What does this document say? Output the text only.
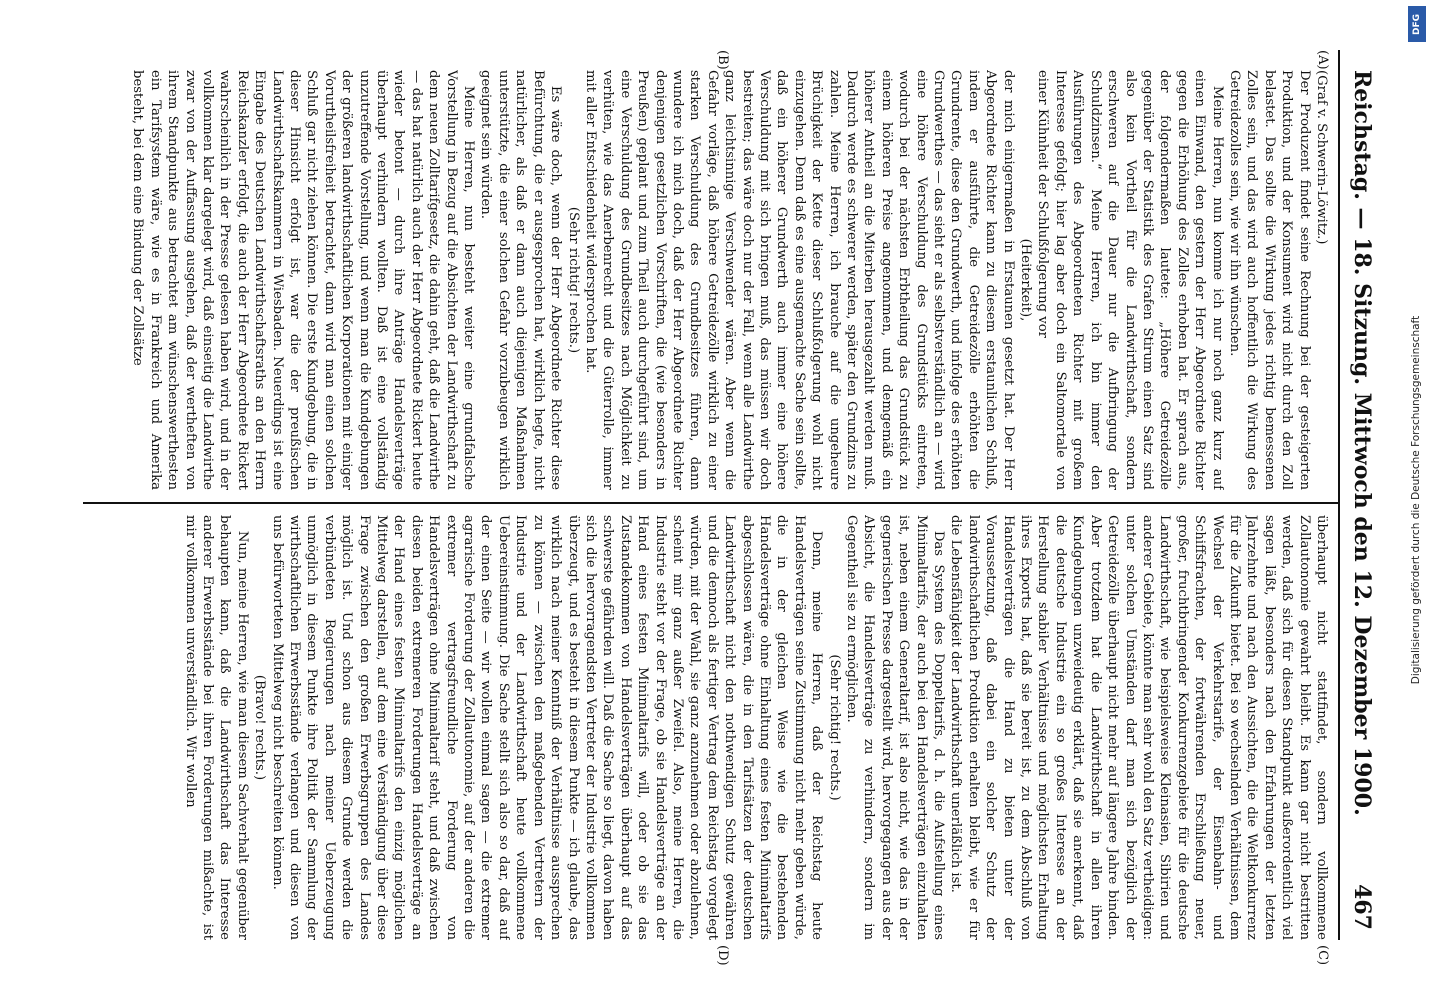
Reichstag. — 18. Sitzung. Mittwoch den 12. Dezember 1900.
467
(A)
(B)
(C)
(D)

(Graf v. Schwerin-Löwitz.)

Der Produzent findet seine Rechnung bei der gesteigerten Produktion, und der Konsument wird nicht durch den Zoll belastet. Das sollte die Wirkung jedes richtig bemessenen Zolles sein, und das wird auch hoffentlich die Wirkung des Getreidezolles sein, wie wir ihn wünschen.

Meine Herren, nun komme ich nur noch ganz kurz auf einen Einwand, den gestern der Herr Abgeordnete Richter gegen die Erhöhung des Zolles erhoben hat. Er sprach aus, der folgendermaßen lautete: „Höhere Getreidezölle gegenüber der Statistik des Grafen Stirum einen Satz sind also kein Vortheil für die Landwirthschaft, sondern erschweren auf die Dauer nur die Aufbringung der Schuldzinsen.“ Meine Herren, ich bin immer den Ausführungen des Abgeordneten Richter mit großem Interesse gefolgt; hier lag aber doch ein Saltomortale von einer Kühnheit der Schlußfolgerung vor

(Heiterkeit),

der mich einigermaßen in Erstaunen gesetzt hat. Der Herr Abgeordnete Richter kann zu diesem erstaunlichen Schluß, indem er ausführte, die Getreidezölle erhöhten die Grundrente, diese den Grundwerth, und infolge des erhöhten Grundwerthes — das sieht er als selbstverständlich an — wird eine höhere Verschuldung des Grundstücks eintreten, wodurch bei der nächsten Erbtheilung das Grundstück zu einem höheren Preise angenommen, und demgemäß ein höherer Antheil an die Miterben herausgezahlt werden muß. Dadurch werde es schwerer werden, später den Grundzins zu zahlen. Meine Herren, ich brauche auf die ungeheure Brüchigkeit der Kette dieser Schlußfolgerung wohl nicht einzugehen. Denn daß es eine ausgemachte Sache sein sollte, daß ein höherer Grundwerth auch immer eine höhere Verschuldung mit sich bringen muß, das müssen wir doch bestreiten; das wäre doch nur der Fall, wenn alle Landwirthe ganz leichtsinnige Verschwender wären. Aber wenn die Gefahr vorläge, daß höhere Getreidezölle wirklich zu einer starken Verschuldung des Grundbesitzes führen, dann wundere ich mich doch, daß der Herr Abgeordnete Richter denjenigen gesetzlichen Vorschriften, die (wie besonders in Preußen) geplant und zum Theil auch durchgeführt sind, um eine Verschuldung des Grundbesitzes nach Möglichkeit zu verhüten, wie das Anerbenrecht und die Güterrolle, immer mit aller Entschiedenheit widersprochen hat.

(Sehr richtig! rechts.)

Es wäre doch, wenn der Herr Abgeordnete Richter diese Befürchtung, die er ausgesprochen hat, wirklich hegte, nicht natürlicher, als daß er dann auch diejenigen Maßnahmen unterstützte, die einer solchen Gefahr vorzubeugen wirklich geeignet sein würden.

Meine Herren, nun besteht weiter eine grundfalsche Vorstellung in Bezug auf die Absichten der Landwirthschaft zu dem neuen Zolltarifgesetz, die dahin geht, daß die Landwirthe — das hat natürlich auch der Herr Abgeordnete Rickert heute wieder betont — durch ihre Anträge Handelsverträge überhaupt verhindern wollten. Daß ist eine vollständig unzutreffende Vorstellung, und wenn man die Kundgebungen der größeren landwirthschaftlichen Korporationen mit einiger Vorurtheilsfreiheit betrachtet, dann wird man einen solchen Schluß gar nicht ziehen können. Die erste Kundgebung, die in dieser Hinsicht erfolgt ist, war die der preußischen Landwirthschaftskammern in Wiesbaden. Neuerdings ist eine Eingabe des Deutschen Landwirthschaftsraths an den Herrn Reichskanzler erfolgt, die auch der Herr Abgeordnete Rickert wahrscheinlich in der Presse gelesen haben wird, und in der vollkommen klar dargelegt wird, daß einseitig die Landwirthe zwar von der Auffassung ausgehen, daß der wertheften von ihrem Standpunkte aus betrachtet am wünschenswerthesten ein Tarifsystem wäre, wie es in Frankreich und Amerika besteht, bei dem eine Bindung der Zollsätze

überhaupt nicht stattfindet, sondern vollkommene Zollautonomie gewahrt bleibt. Es kann gar nicht bestritten werden, daß sich für diesen Standpunkt außerordentlich viel sagen läßt, besonders nach den Erfahrungen der letzten Jahrzehnte und nach den Aussichten, die die Weltkonkurrenz für die Zukunft bietet. Bei so wechselnden Verhältnissen, dem Wechsel der Verkehrstarife, der Eisenbahn- und Schiffsfrachten, der fortwährenden Erschließung neuer, großer, fruchtbringender Konkurrenzgebiete für die deutsche Landwirthschaft, wie beispielsweise Kleinasien, Sibirien und anderer Gebiete, könnte man sehr wohl den Satz vertheidigen: unter solchen Umständen darf man sich bezüglich der Getreidezölle überhaupt nicht mehr auf längere Jahre binden. Aber trotzdem hat die Landwirthschaft in allen ihren Kundgebungen unzweideutig erklärt, daß sie anerkennt, daß die deutsche Industrie ein so großes Interesse an der Herstellung stabiler Verhältnisse und möglichsten Erhaltung ihres Exports hat, daß sie bereit ist, zu dem Abschluß von Handelsverträgen die Hand zu bieten unter der Voraussetzung, daß dabei ein solcher Schutz der landwirthschaftlichen Produktion erhalten bleibt, wie er für die Lebensfähigkeit der Landwirthschaft unerläßlich ist.

Das System des Doppeltarifs, d. h. die Aufstellung eines Minimaltarifs, der auch bei den Handelsverträgen einzuhalten ist, neben einem Generaltarif, ist also nicht, wie das in der gegnerischen Presse dargestellt wird, hervorgegangen aus der Absicht, die Handelsverträge zu verhindern, sondern im Gegentheil sie zu ermöglichen.

(Sehr richtig! rechts.)

Denn, meine Herren, daß der Reichstag heute Handelsverträgen seine Zustimmung nicht mehr geben würde, die in der gleichen Weise wie die bestehenden Handelsverträge ohne Einhaltung eines festen Minimaltarifs abgeschlossen wären, die in den Tarifsätzen der deutschen Landwirthschaft nicht den nothwendigen Schutz gewähren und die dennoch als fertiger Vertrag dem Reichstag vorgelegt würden, mit der Wahl, sie ganz anzunehmen oder abzulehnen, scheint mir ganz außer Zweifel. Also, meine Herren, die Industrie steht vor der Frage, ob sie Handelsverträge an der Hand eines festen Minimaltarifs will, oder ob sie das Zustandekommen von Handelsverträgen überhaupt auf das schwerste gefährden will. Daß die Sache so liegt, davon haben sich die hervorragendsten Vertreter der Industrie vollkommen überzeugt, und es besteht in diesem Punkte — ich glaube, das wirklich nach meiner Kenntniß der Verhältnisse aussprechen zu können — zwischen den maßgebenden Vertretern der Industrie und der Landwirthschaft heute vollkommene Uebereinstimmung. Die Sache stellt sich also so dar, daß auf der einen Seite — wir wollen einmal sagen — die extremer agrarische Forderung der Zollautonomie, auf der anderen die extremer vertragsfreundliche Forderung von Handelsverträgen ohne Minimaltarif steht, und daß zwischen diesen beiden extremeren Forderungen Handelsverträge an der Hand eines festen Minimaltarifs den einzig möglichen Mittelweg darstellen, auf dem eine Verständigung über diese Frage zwischen den großen Erwerbsgruppen des Landes möglich ist. Und schon aus diesem Grunde werden die verbündeten Regierungen nach meiner Ueberzeugung unmöglich in diesem Punkte ihre Politik der Sammlung der wirthschaftlichen Erwerbsstände verlangen und diesen von uns befürworteten Mittelweg nicht beschreiten können.

(Bravo! rechts.)

Nun, meine Herren, wie man diesem Sachverhalt gegenüber behaupten kann, daß die Landwirthschaft das Interesse anderer Erwerbsstände bei ihren Forderungen mißachte, ist mir vollkommen unverständlich. Wir wollen	Digitalisierung gefördert durch die Deutsche Forschungsgemeinschaft
DFG
